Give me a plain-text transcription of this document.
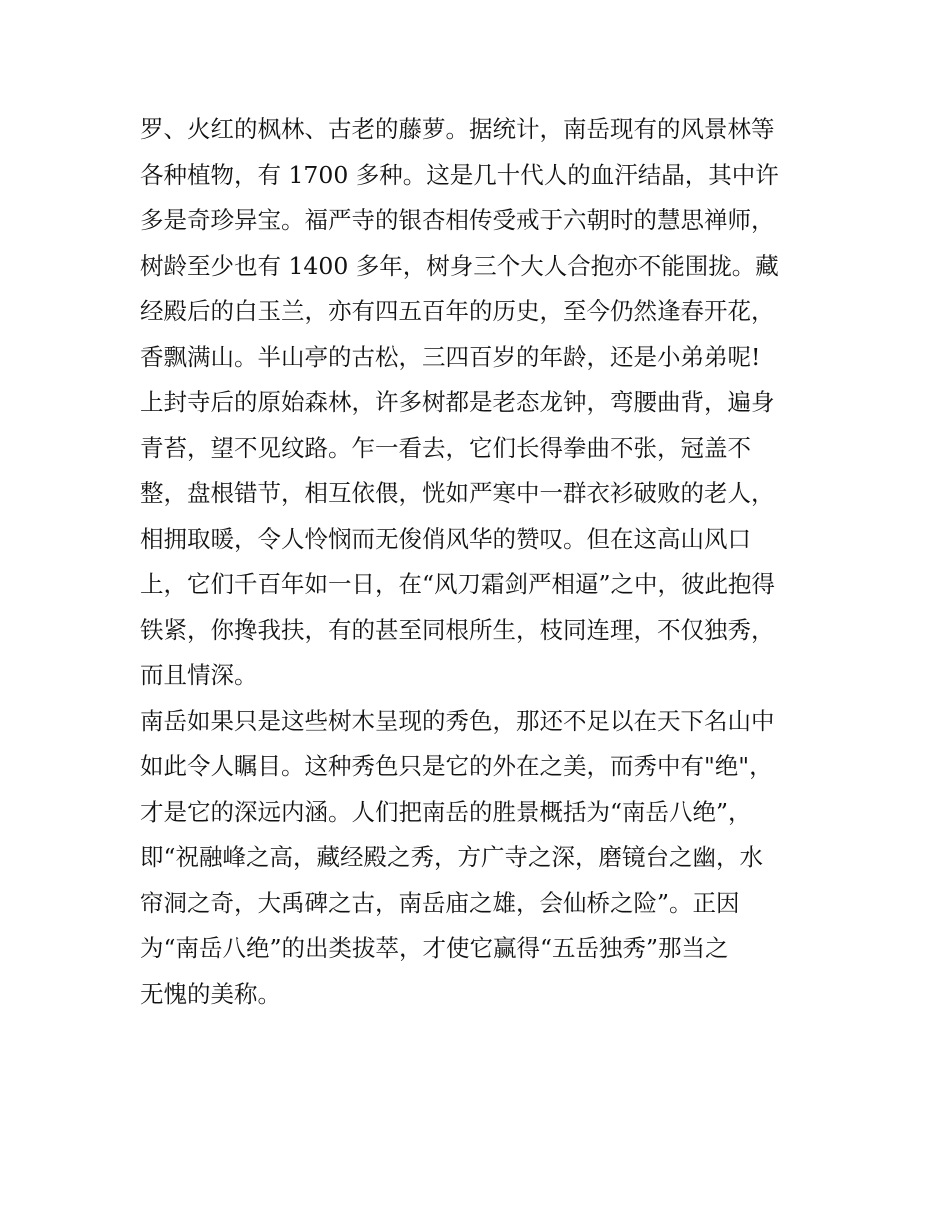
罗、火红的枫林、古老的藤萝。据统计，南岳现有的风景林等
各种植物，有 1700 多种。这是几十代人的血汗结晶，其中许
多是奇珍异宝。福严寺的银杏相传受戒于六朝时的慧思禅师，
树龄至少也有 1400 多年，树身三个大人合抱亦不能围拢。藏
经殿后的白玉兰，亦有四五百年的历史，至今仍然逢春开花，
香飘满山。半山亭的古松，三四百岁的年龄，还是小弟弟呢!
上封寺后的原始森林，许多树都是老态龙钟，弯腰曲背，遍身
青苔，望不见纹路。乍一看去，它们长得拳曲不张，冠盖不
整，盘根错节，相互依偎，恍如严寒中一群衣衫破败的老人，
相拥取暖，令人怜悯而无俊俏风华的赞叹。但在这高山风口
上，它们千百年如一日，在“风刀霜剑严相逼”之中，彼此抱得
铁紧，你搀我扶，有的甚至同根所生，枝同连理，不仅独秀，
而且情深。
南岳如果只是这些树木呈现的秀色，那还不足以在天下名山中
如此令人瞩目。这种秀色只是它的外在之美，而秀中有"绝"，
才是它的深远内涵。人们把南岳的胜景概括为“南岳八绝”，
即“祝融峰之高，藏经殿之秀，方广寺之深，磨镜台之幽，水
帘洞之奇，大禹碑之古，南岳庙之雄，会仙桥之险”。正因
为“南岳八绝”的出类拔萃，才使它赢得“五岳独秀”那当之
无愧的美称。
